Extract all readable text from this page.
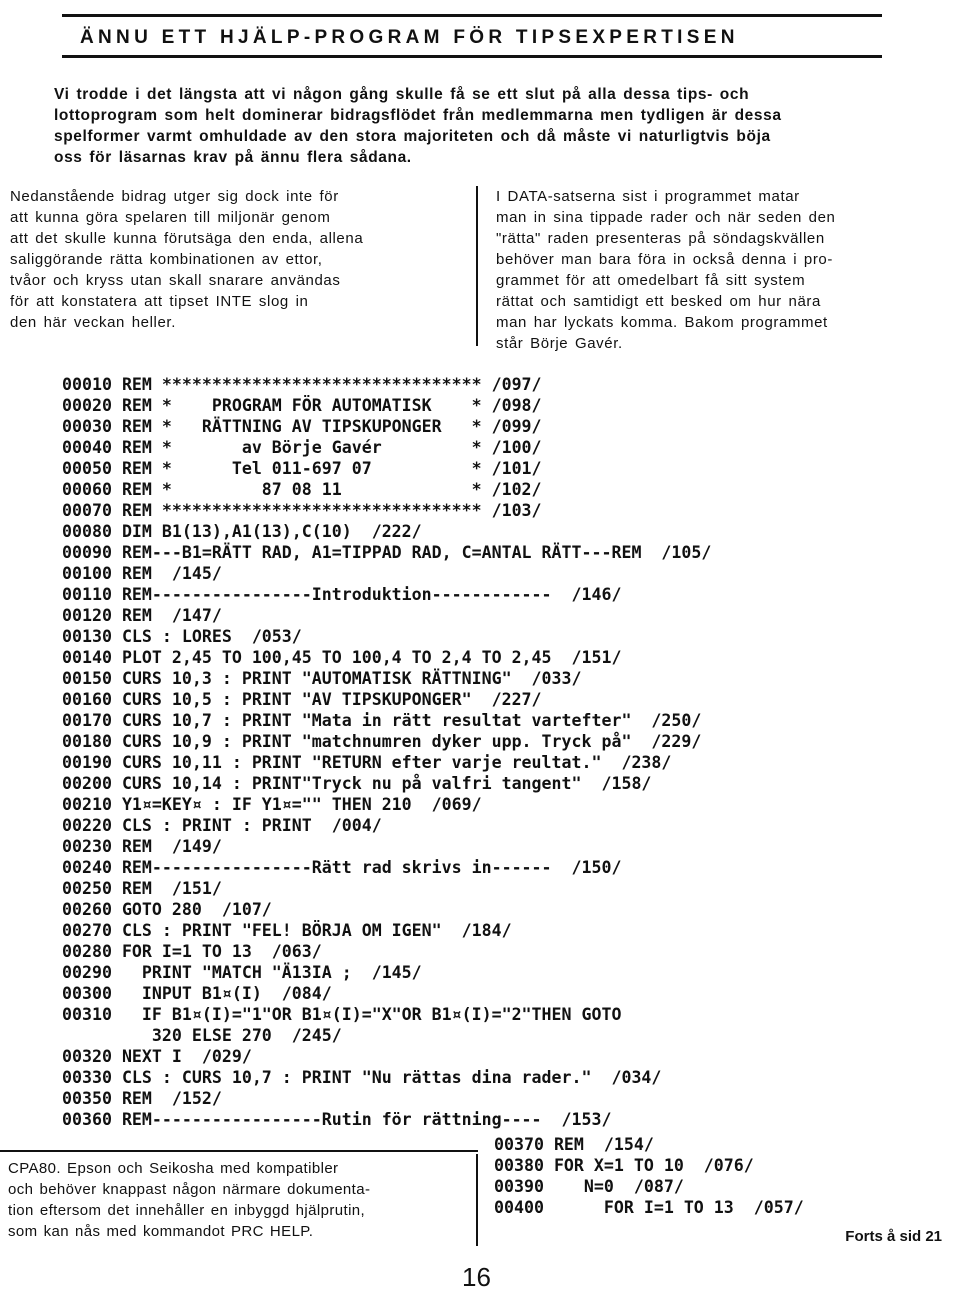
ÄNNU ETT HJÄLP-PROGRAM FÖR TIPSEXPERTISEN
Vi trodde i det längsta att vi någon gång skulle få se ett slut på alla dessa tips- och
lottoprogram som helt dominerar bidragsflödet från medlemmarna men tydligen är dessa
spelformer varmt omhuldade av den stora majoriteten och då måste vi naturligtvis böja
oss för läsarnas krav på ännu flera sådana.
Nedanstående bidrag utger sig dock inte för
att kunna göra spelaren till miljonär genom
att det skulle kunna förutsäga den enda, allena
saliggörande rätta kombinationen av ettor,
tvåor och kryss utan skall snarare användas
för att konstatera att tipset INTE slog in
den här veckan heller.
I DATA-satserna sist i programmet matar
man in sina tippade rader och när seden den
"rätta" raden presenteras på söndagskvällen
behöver man bara föra in också denna i pro-
grammet för att omedelbart få sitt system
rättat och samtidigt ett besked om hur nära
man har lyckats komma. Bakom programmet
står Börje Gavér.
00010 REM ******************************** /097/
00020 REM *    PROGRAM FÖR AUTOMATISK    * /098/
00030 REM *   RÄTTNING AV TIPSKUPONGER   * /099/
00040 REM *       av Börje Gavér         * /100/
00050 REM *      Tel 011-697 07          * /101/
00060 REM *         87 08 11             * /102/
00070 REM ******************************** /103/
00080 DIM B1(13),A1(13),C(10)  /222/
00090 REM---B1=RÄTT RAD, A1=TIPPAD RAD, C=ANTAL RÄTT---REM  /105/
00100 REM  /145/
00110 REM----------------Introduktion------------  /146/
00120 REM  /147/
00130 CLS : LORES  /053/
00140 PLOT 2,45 TO 100,45 TO 100,4 TO 2,4 TO 2,45  /151/
00150 CURS 10,3 : PRINT "AUTOMATISK RÄTTNING"  /033/
00160 CURS 10,5 : PRINT "AV TIPSKUPONGER"  /227/
00170 CURS 10,7 : PRINT "Mata in rätt resultat vartefter"  /250/
00180 CURS 10,9 : PRINT "matchnumren dyker upp. Tryck på"  /229/
00190 CURS 10,11 : PRINT "RETURN efter varje reultat."  /238/
00200 CURS 10,14 : PRINT"Tryck nu på valfri tangent"  /158/
00210 Y1¤=KEY¤ : IF Y1¤="" THEN 210  /069/
00220 CLS : PRINT : PRINT  /004/
00230 REM  /149/
00240 REM----------------Rätt rad skrivs in------  /150/
00250 REM  /151/
00260 GOTO 280  /107/
00270 CLS : PRINT "FEL! BÖRJA OM IGEN"  /184/
00280 FOR I=1 TO 13  /063/
00290   PRINT "MATCH "Ä13IA ;  /145/
00300   INPUT B1¤(I)  /084/
00310   IF B1¤(I)="1"OR B1¤(I)="X"OR B1¤(I)="2"THEN GOTO
320 ELSE 270  /245/
00320 NEXT I  /029/
00330 CLS : CURS 10,7 : PRINT "Nu rättas dina rader."  /034/
00350 REM  /152/
00360 REM-----------------Rutin för rättning----  /153/
CPA80. Epson och Seikosha med kompatibler
och behöver knappast någon närmare dokumenta-
tion eftersom det innehåller en inbyggd hjälprutin,
som kan nås med kommandot PRC HELP.
00370 REM  /154/
00380 FOR X=1 TO 10  /076/
00390    N=0  /087/
00400      FOR I=1 TO 13  /057/
Forts å sid 21
16
